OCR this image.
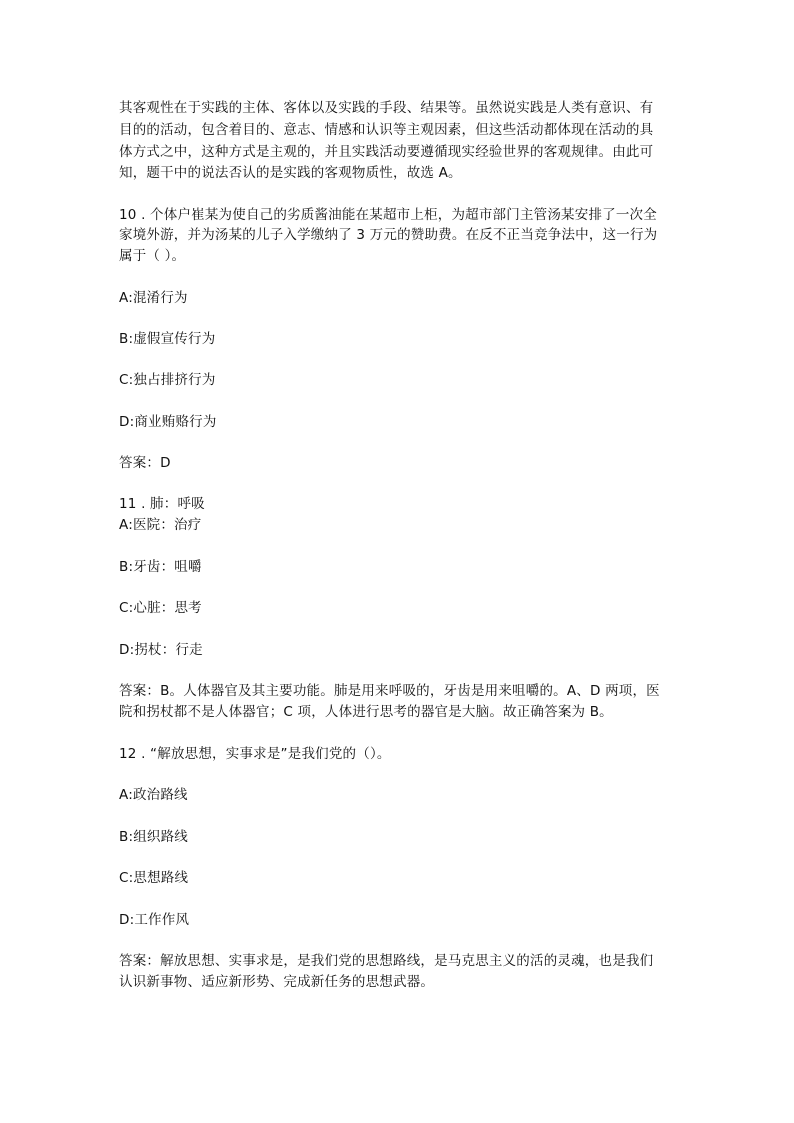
其客观性在于实践的主体、客体以及实践的手段、结果等。虽然说实践是人类有意识、有
目的的活动，包含着目的、意志、情感和认识等主观因素，但这些活动都体现在活动的具
体方式之中，这种方式是主观的，并且实践活动要遵循现实经验世界的客观规律。由此可
知，题干中的说法否认的是实践的客观物质性，故选 A。
10 . 个体户崔某为使自己的劣质酱油能在某超市上柜，为超市部门主管汤某安排了一次全
家境外游，并为汤某的儿子入学缴纳了 3 万元的赞助费。在反不正当竞争法中，这一行为
属于（ ）。
A:混淆行为
B:虚假宣传行为
C:独占排挤行为
D:商业贿赂行为
答案：D
11 . 肺：呼吸
A:医院：治疗
B:牙齿：咀嚼
C:心脏：思考
D:拐杖：行走
答案：B。人体器官及其主要功能。肺是用来呼吸的，牙齿是用来咀嚼的。A、D 两项，医
院和拐杖都不是人体器官；C 项，人体进行思考的器官是大脑。故正确答案为 B。
12 . “解放思想，实事求是”是我们党的（）。
A:政治路线
B:组织路线
C:思想路线
D:工作作风
答案：解放思想、实事求是，是我们党的思想路线，是马克思主义的活的灵魂，也是我们
认识新事物、适应新形势、完成新任务的思想武器。
